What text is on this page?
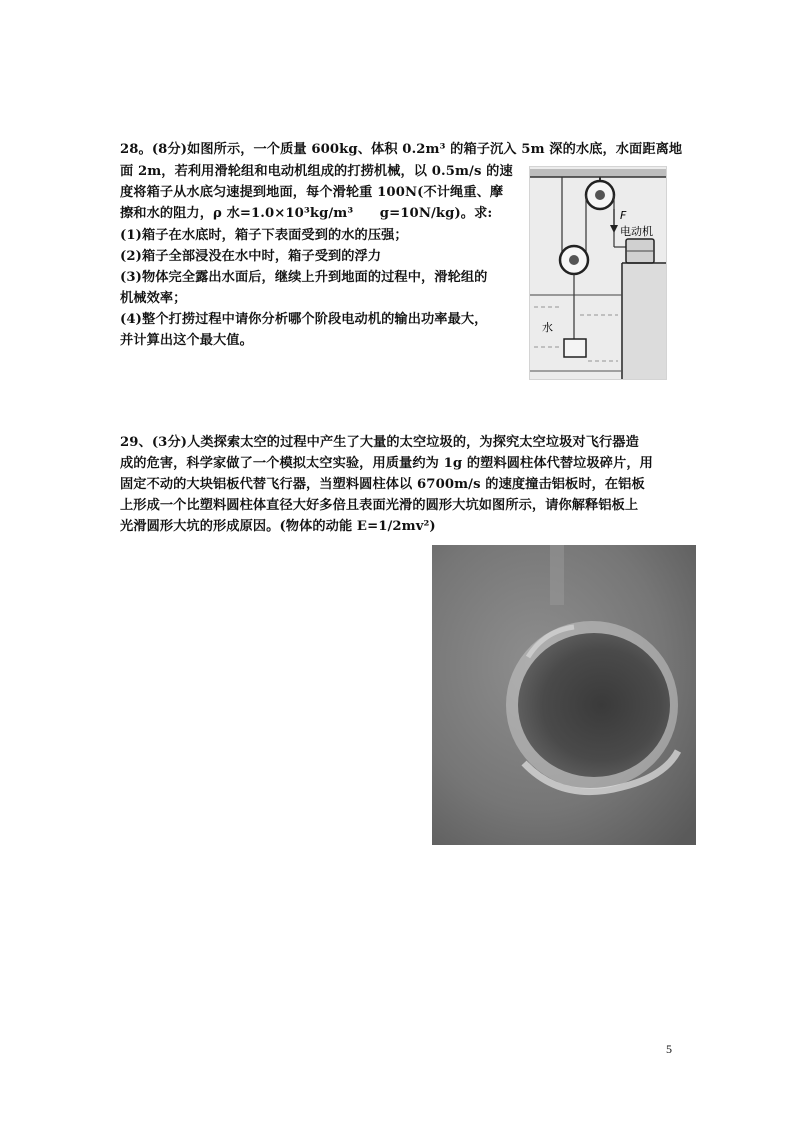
28。(8分)如图所示，一个质量 600kg、体积 0.2m³ 的箱子沉入 5m 深的水底，水面距离地
面 2m，若利用滑轮组和电动机组成的打捞机械，以 0.5m/s 的速
度将箱子从水底匀速提到地面，每个滑轮重 100N(不计绳重、摩
擦和水的阻力，ρ 水=1.0×10³kg/m³　　g=10N/kg)。求:
(1)箱子在水底时，箱子下表面受到的水的压强；
(2)箱子全部浸没在水中时，箱子受到的浮力
(3)物体完全露出水面后，继续上升到地面的过程中，滑轮组的
机械效率；
(4)整个打捞过程中请你分析哪个阶段电动机的输出功率最大，
并计算出这个最大值。
F
电动机
水
29、(3分)人类探索太空的过程中产生了大量的太空垃圾的，为探究太空垃圾对飞行器造
成的危害，科学家做了一个模拟太空实验，用质量约为 1g 的塑料圆柱体代替垃圾碎片，用
固定不动的大块铝板代替飞行器，当塑料圆柱体以 6700m/s 的速度撞击铝板时，在铝板
上形成一个比塑料圆柱体直径大好多倍且表面光滑的圆形大坑如图所示，请你解释铝板上
光滑圆形大坑的形成原因。(物体的动能 E=1/2mv²)
5
